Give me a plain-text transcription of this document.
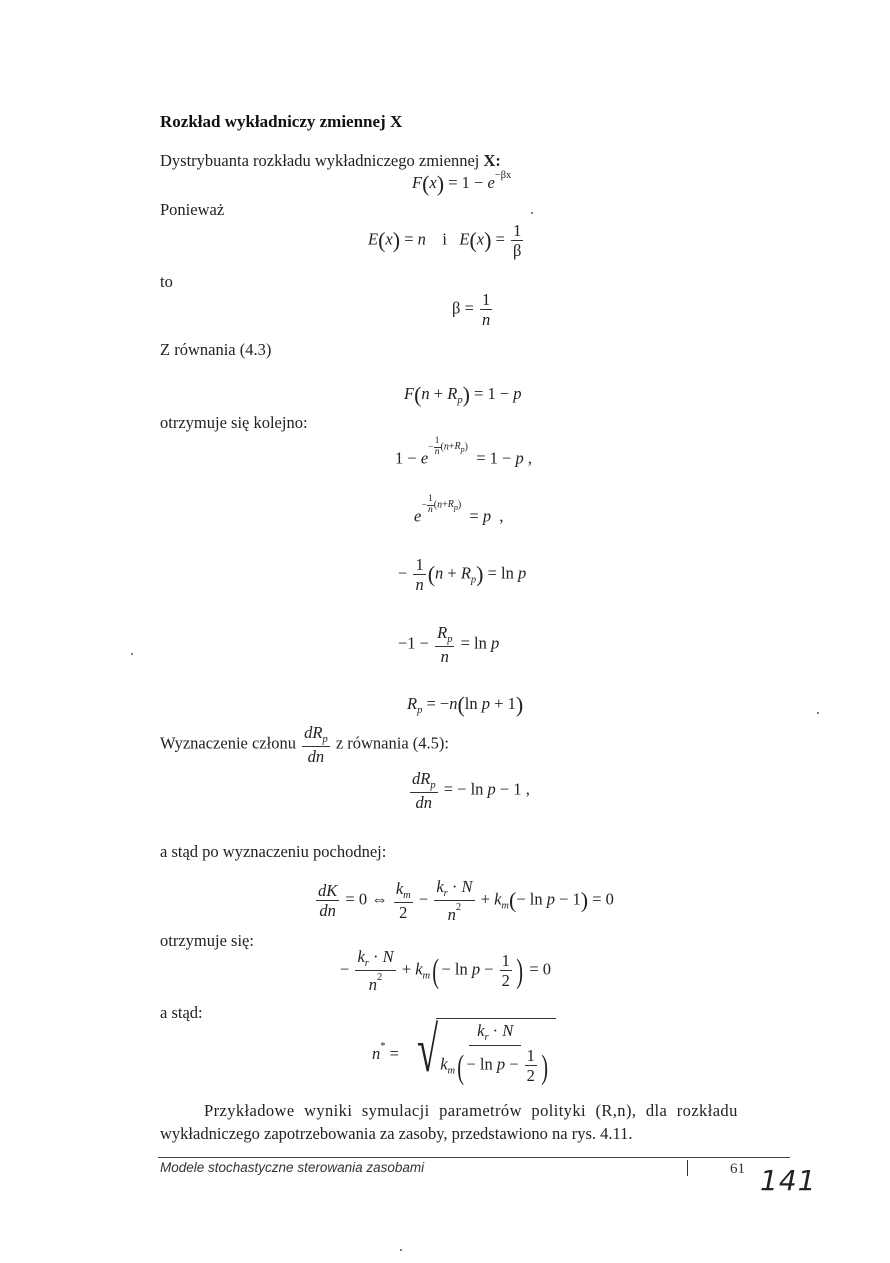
Rozkład wykładniczy zmiennej X
Dystrybuanta rozkładu wykładniczego zmiennej X:
$F(x) = 1 - e^{-\beta x}$
Ponieważ
E(x) = n    i   $E(x) = \frac{1}{\beta}$
to
$\beta = \frac{1}{n}$
Z równania (4.3)
$F(n + R_p) = 1 - p$
otrzymuje się kolejno:
$1 - e- \frac{1}{n} (n+R_p) = 1 - p$ ,
$e- \frac{1}{n} (n+R_p) = p$  ,
− $\frac{1}{n} (n + R_p) = \ln p$
$-1 - \frac{R_p}{n} = \ln p$
$R_p = -n(\ln$ p + 1)
Wyznaczenie członu $\frac{dR_p}{dn}$ z równania (4.5):
$\frac{dR_p}{dn}$ = − ln p − 1 ,
a stąd po wyznaczeniu pochodnej:
$\frac{dK}{dn} = 0$ ⇔ $\frac{k_m}{2} - \frac{k_r \cdot N}{n^2} + k_m(- \ln p - 1) = 0$
otrzymuje się:
− $\frac{k_r \cdot N}{n^2} + k_m( - \ln p - \frac{1}{2}$ ) = 0
a stąd:
n* = √	$k_r \cdot N$
$k_m( - \ln p - \frac{1}{2}$ )
Przykładowe wyniki symulacji parametrów polityki (R,n), dla rozkładu
wykładniczego zapotrzebowania za zasoby, przedstawiono na rys. 4.11.
Modele stochastyczne sterowania zasobami	61 141
